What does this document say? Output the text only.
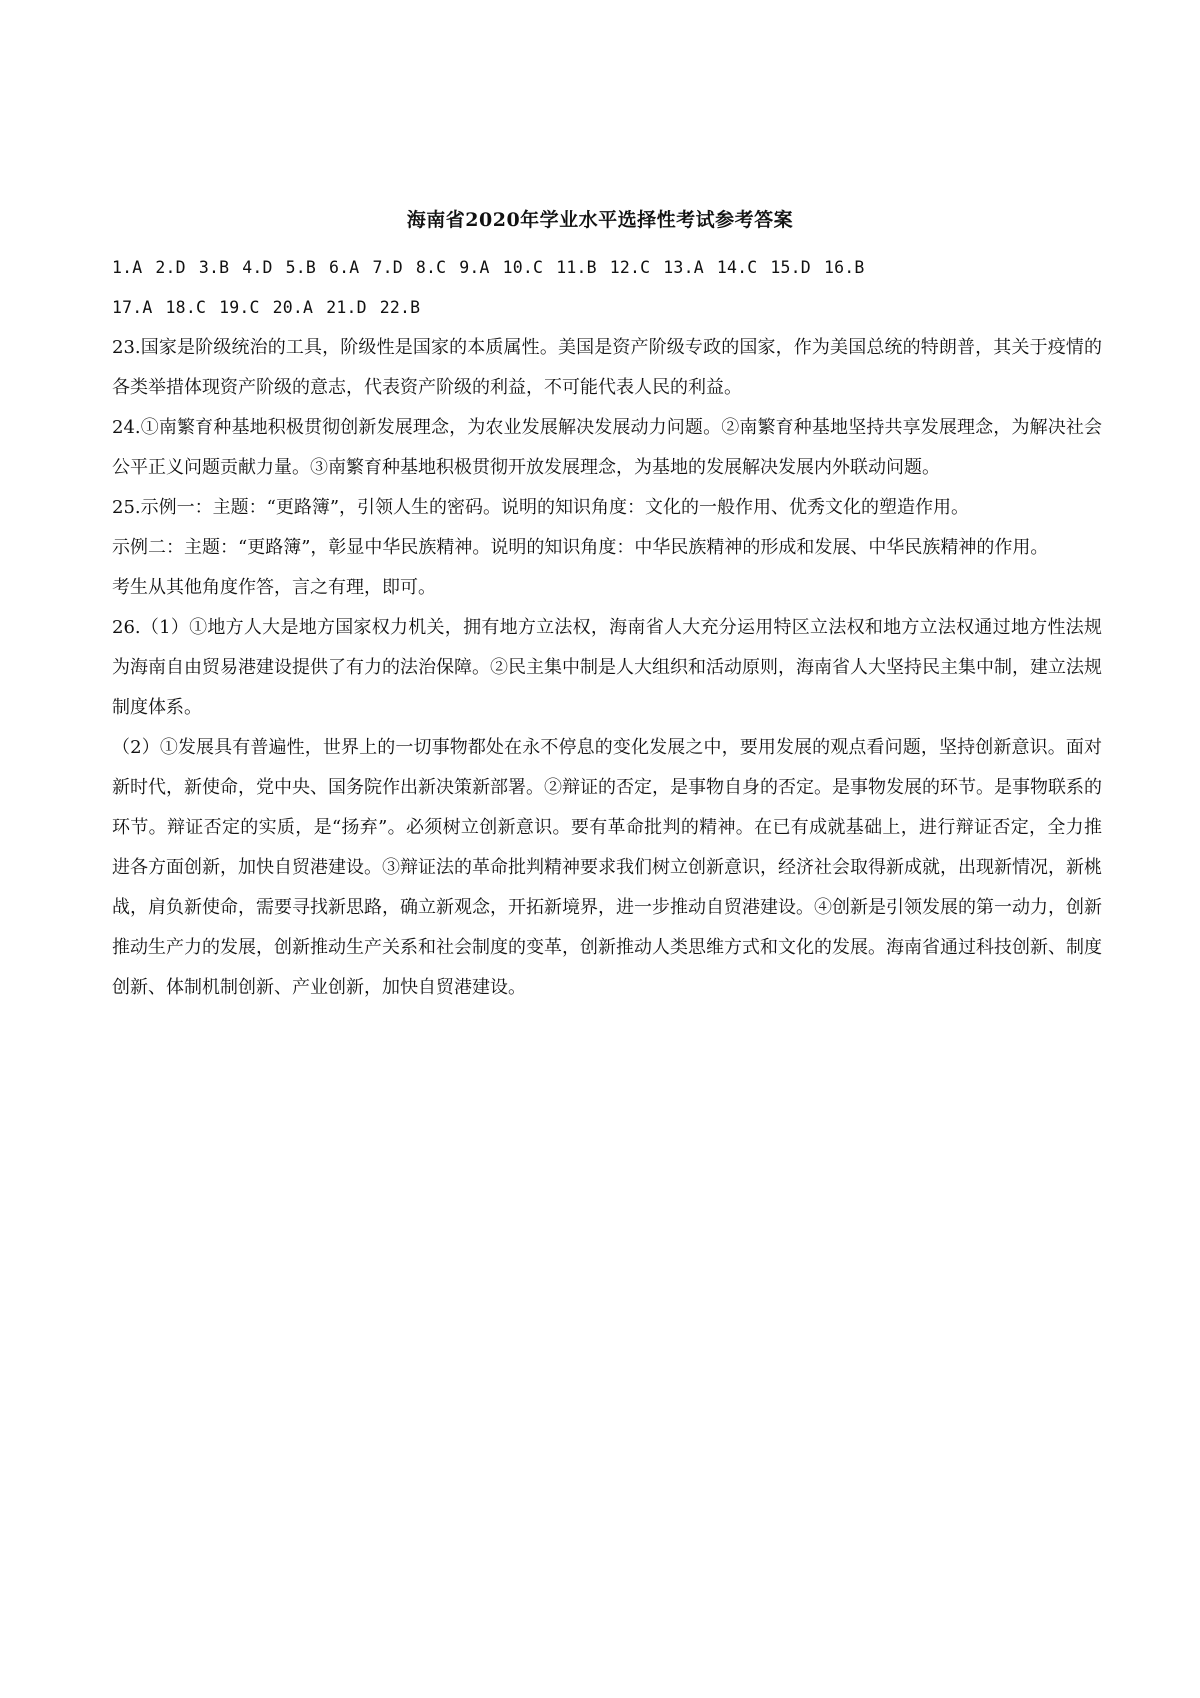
海南省2020年学业水平选择性考试参考答案
1.A 2.D 3.B 4.D 5.B 6.A 7.D 8.C 9.A 10.C 11.B 12.C 13.A 14.C 15.D 16.B
17.A 18.C 19.C 20.A 21.D 22.B

23.国家是阶级统治的工具，阶级性是国家的本质属性。美国是资产阶级专政的国家，作为美国总统的特朗普，其关于疫情的各类举措体现资产阶级的意志，代表资产阶级的利益，不可能代表人民的利益。

24.①南繁育种基地积极贯彻创新发展理念，为农业发展解决发展动力问题。②南繁育种基地坚持共享发展理念，为解决社会公平正义问题贡献力量。③南繁育种基地积极贯彻开放发展理念，为基地的发展解决发展内外联动问题。

25.示例一：主题：“更路簿”，引领人生的密码。说明的知识角度：文化的一般作用、优秀文化的塑造作用。

示例二：主题：“更路簿”，彰显中华民族精神。说明的知识角度：中华民族精神的形成和发展、中华民族精神的作用。

考生从其他角度作答，言之有理，即可。

26.（1）①地方人大是地方国家权力机关，拥有地方立法权，海南省人大充分运用特区立法权和地方立法权通过地方性法规为海南自由贸易港建设提供了有力的法治保障。②民主集中制是人大组织和活动原则，海南省人大坚持民主集中制，建立法规制度体系。

（2）①发展具有普遍性，世界上的一切事物都处在永不停息的变化发展之中，要用发展的观点看问题，坚持创新意识。面对新时代，新使命，党中央、国务院作出新决策新部署。②辩证的否定，是事物自身的否定。是事物发展的环节。是事物联系的环节。辩证否定的实质，是“扬弃”。必须树立创新意识。要有革命批判的精神。在已有成就基础上，进行辩证否定，全力推进各方面创新，加快自贸港建设。③辩证法的革命批判精神要求我们树立创新意识，经济社会取得新成就，出现新情况，新桃战，肩负新使命，需要寻找新思路，确立新观念，开拓新境界，进一步推动自贸港建设。④创新是引领发展的第一动力，创新推动生产力的发展，创新推动生产关系和社会制度的变革，创新推动人类思维方式和文化的发展。海南省通过科技创新、制度创新、体制机制创新、产业创新，加快自贸港建设。
